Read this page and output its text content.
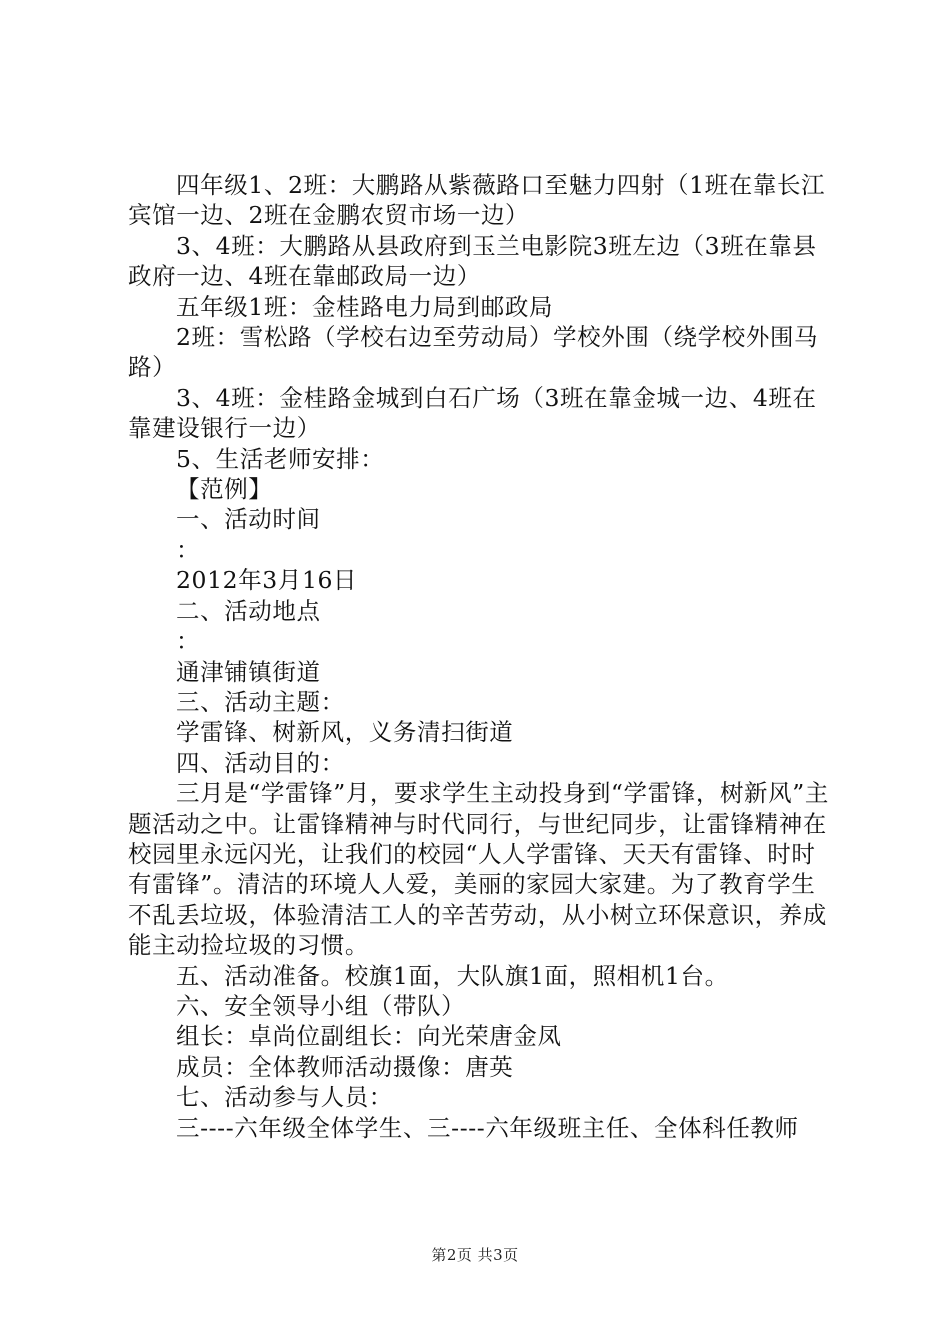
四年级1、2班：大鹏路从紫薇路口至魅力四射（1班在靠长江宾馆一边、2班在金鹏农贸市场一边）

3、4班：大鹏路从县政府到玉兰电影院3班左边（3班在靠县政府一边、4班在靠邮政局一边）

五年级1班：金桂路电力局到邮政局

2班：雪松路（学校右边至劳动局）学校外围（绕学校外围马路）

3、4班：金桂路金城到白石广场（3班在靠金城一边、4班在靠建设银行一边）

5、生活老师安排：

【范例】

一、活动时间

：

2012年3月16日

二、活动地点

：

通津铺镇街道

三、活动主题：

学雷锋、树新风，义务清扫街道

四、活动目的：

三月是“学雷锋”月，要求学生主动投身到“学雷锋，树新风”主题活动之中。让雷锋精神与时代同行，与世纪同步，让雷锋精神在校园里永远闪光，让我们的校园“人人学雷锋、天天有雷锋、时时有雷锋”。清洁的环境人人爱，美丽的家园大家建。为了教育学生不乱丢垃圾，体验清洁工人的辛苦劳动，从小树立环保意识，养成能主动捡垃圾的习惯。

五、活动准备。校旗1面，大队旗1面，照相机1台。

六、安全领导小组（带队）

组长：卓尚位副组长：向光荣唐金凤

成员：全体教师活动摄像：唐英

七、活动参与人员：

三----六年级全体学生、三----六年级班主任、全体科任教师

第2页 共3页
